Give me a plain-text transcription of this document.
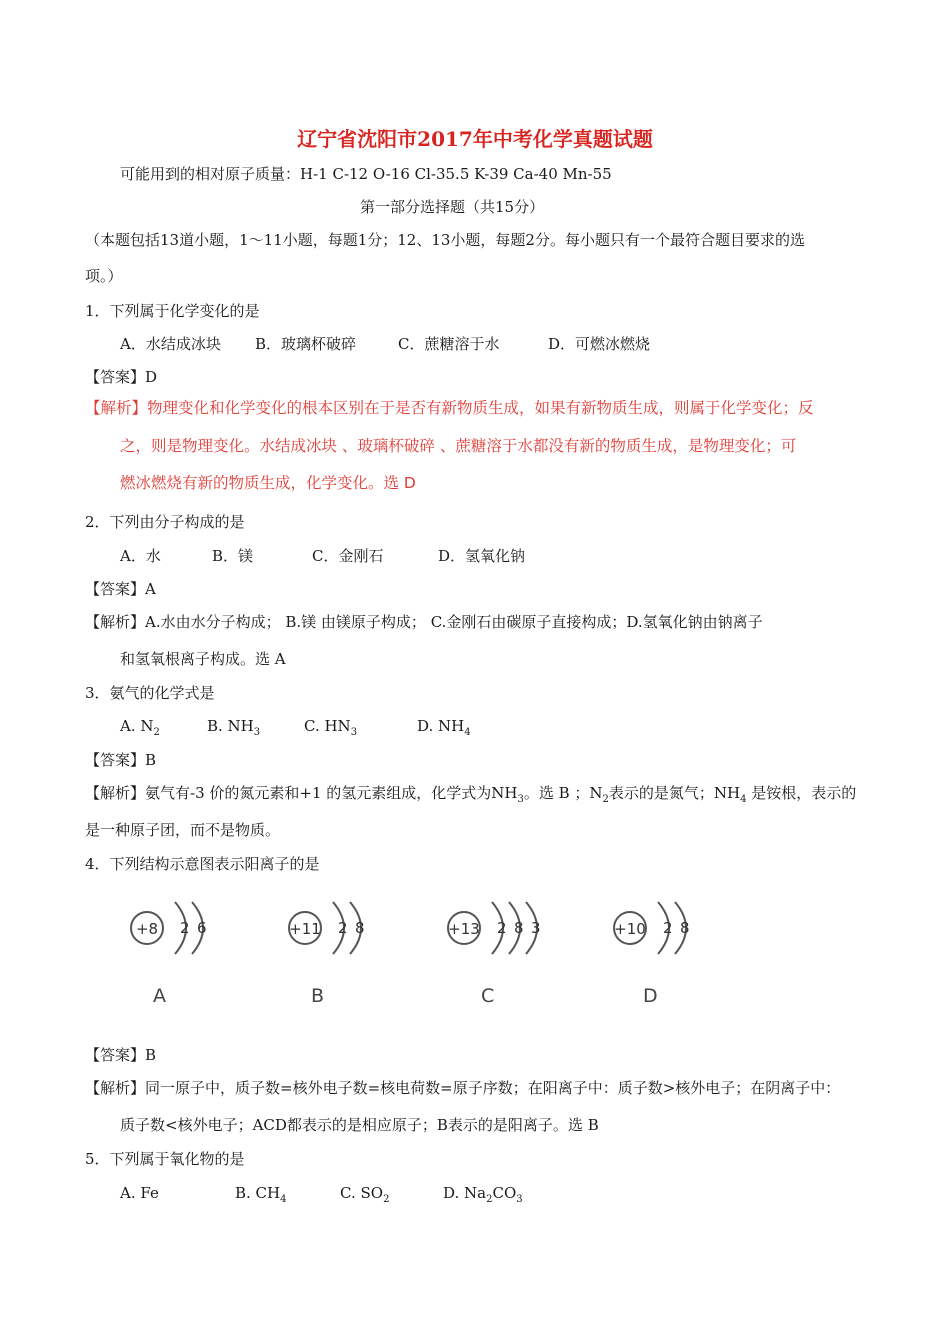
辽宁省沈阳市2017年中考化学真题试题
可能用到的相对原子质量：H-1 C-12 O-16 Cl-35.5 K-39 Ca-40 Mn-55
第一部分选择题（共15分）
（本题包括13道小题，1～11小题，每题1分；12、13小题，每题2分。每小题只有一个最符合题目要求的选
项。）
1．下列属于化学变化的是
A．水结成冰块 B．玻璃杯破碎	C．蔗糖溶于水	D．可燃冰燃烧
【答案】D
【解析】物理变化和化学变化的根本区别在于是否有新物质生成，如果有新物质生成，则属于化学变化；反
之，则是物理变化。水结成冰块 、玻璃杯破碎 、蔗糖溶于水都没有新的物质生成，是物理变化；可
燃冰燃烧有新的物质生成，化学变化。选 D
2．下列由分子构成的是
A．水	B．镁	C．金刚石	D．氢氧化钠
【答案】A
【解析】A.水由水分子构成； B.镁 由镁原子构成； C.金刚石由碳原子直接构成；D.氢氧化钠由钠离子
和氢氧根离子构成。选 A
3．氨气的化学式是
A. $N_2$	B. $NH_3$	C. $HN_3$	D. $NH_4$
【答案】B
【解析】氨气有-3 价的氮元素和+1 的氢元素组成，化学式为$NH_3$。选 B ；$N_2$表示的是氮气；$NH_4$ 是铵根，表示的
是一种原子团，而不是物质。
4．下列结构示意图表示阳离子的是
+8 2 6
A
+11 2 8
B
+13 2 8 3
C
+10 2 8
D
【答案】B
【解析】同一原子中，质子数=核外电子数=核电荷数=原子序数；在阳离子中：质子数>核外电子；在阴离子中：
质子数<核外电子；ACD都表示的是相应原子；B表示的是阳离子。选 B
5．下列属于氧化物的是
A. Fe	B. $CH_4$	C. $SO_2$	D. $Na_2CO_3$
